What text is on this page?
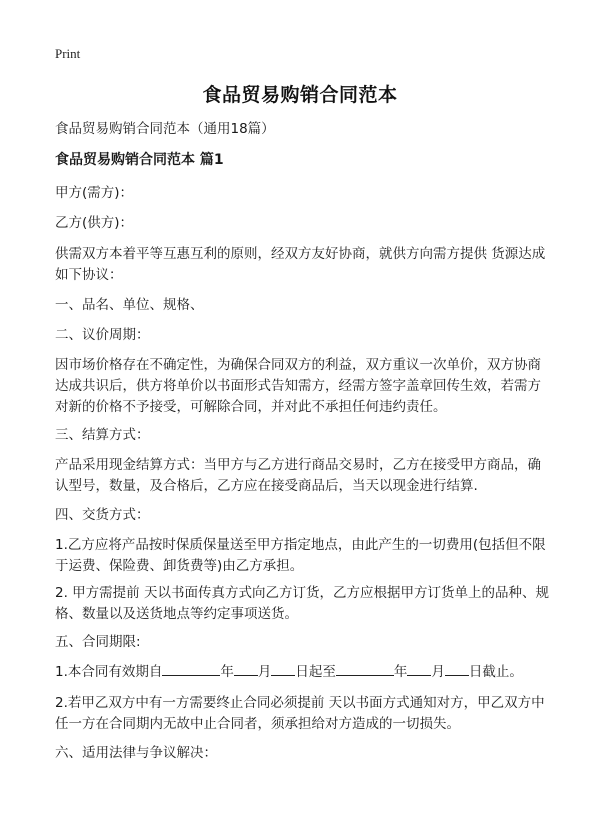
Print
食品贸易购销合同范本

食品贸易购销合同范本（通用18篇）

食品贸易购销合同范本 篇1

甲方(需方)：

乙方(供方)：

供需双方本着平等互惠互利的原则，经双方友好协商，就供方向需方提供 货源达成如下协议：

一、品名、单位、规格、

二、议价周期：

因市场价格存在不确定性，为确保合同双方的利益，双方重议一次单价，双方协商达成共识后，供方将单价以书面形式告知需方，经需方签字盖章回传生效，若需方对新的价格不予接受，可解除合同，并对此不承担任何违约责任。

三、结算方式：

产品采用现金结算方式：当甲方与乙方进行商品交易时，乙方在接受甲方商品，确认型号，数量，及合格后，乙方应在接受商品后，当天以现金进行结算.

四、交货方式：

1.乙方应将产品按时保质保量送至甲方指定地点，由此产生的一切费用(包括但不限于运费、保险费、卸货费等)由乙方承担。

2. 甲方需提前 天以书面传真方式向乙方订货，乙方应根据甲方订货单上的品种、规格、数量以及送货地点等约定事项送货。

五、合同期限:

1.本合同有效期自	年 月 日起至	年 月 日截止。

2.若甲乙双方中有一方需要终止合同必须提前 天以书面方式通知对方，甲乙双方中任一方在合同期内无故中止合同者，须承担给对方造成的一切损失。

六、适用法律与争议解决：
